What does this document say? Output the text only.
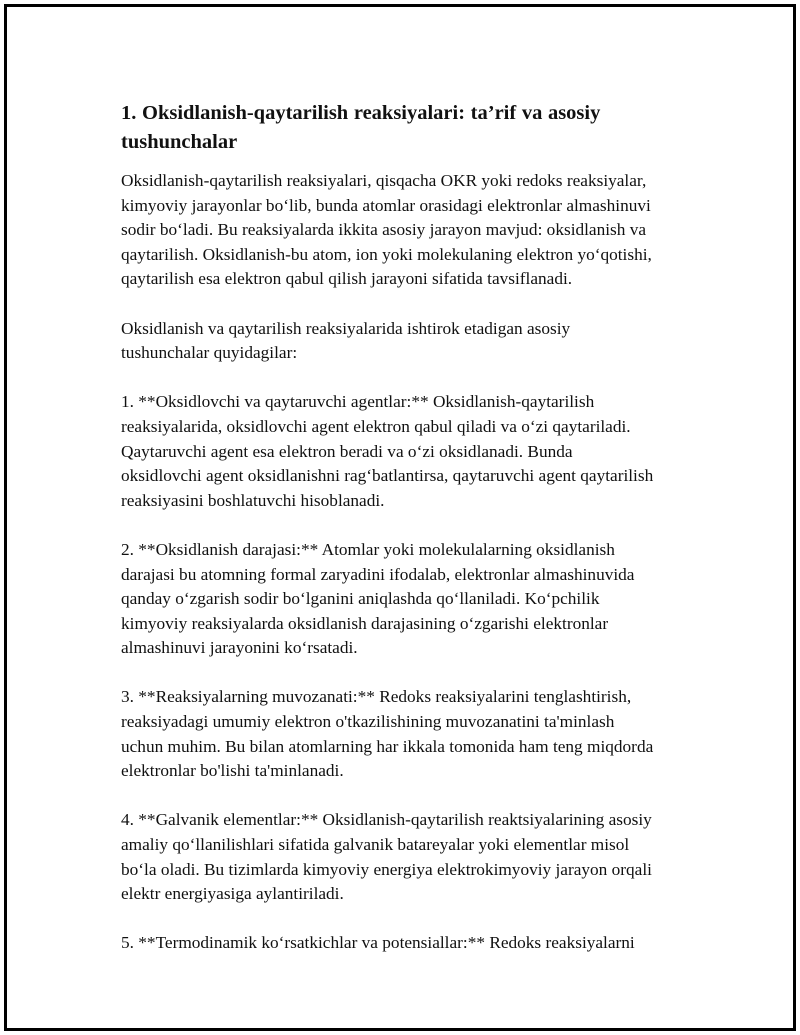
1. Oksidlanish-qaytarilish reaksiyalari: ta’rif va asosiy
tushunchalar

Oksidlanish-qaytarilish reaksiyalari, qisqacha OKR yoki redoks reaksiyalar,
kimyoviy jarayonlar bo‘lib, bunda atomlar orasidagi elektronlar almashinuvi
sodir bo‘ladi. Bu reaksiyalarda ikkita asosiy jarayon mavjud: oksidlanish va
qaytarilish. Oksidlanish-bu atom, ion yoki molekulaning elektron yo‘qotishi,
qaytarilish esa elektron qabul qilish jarayoni sifatida tavsiflanadi.

Oksidlanish va qaytarilish reaksiyalarida ishtirok etadigan asosiy
tushunchalar quyidagilar:

1. **Oksidlovchi va qaytaruvchi agentlar:** Oksidlanish-qaytarilish
reaksiyalarida, oksidlovchi agent elektron qabul qiladi va o‘zi qaytariladi.
Qaytaruvchi agent esa elektron beradi va o‘zi oksidlanadi. Bunda
oksidlovchi agent oksidlanishni rag‘batlantirsa, qaytaruvchi agent qaytarilish
reaksiyasini boshlatuvchi hisoblanadi.

2. **Oksidlanish darajasi:** Atomlar yoki molekulalarning oksidlanish
darajasi bu atomning formal zaryadini ifodalab, elektronlar almashinuvida
qanday o‘zgarish sodir bo‘lganini aniqlashda qo‘llaniladi. Ko‘pchilik
kimyoviy reaksiyalarda oksidlanish darajasining o‘zgarishi elektronlar
almashinuvi jarayonini ko‘rsatadi.

3. **Reaksiyalarning muvozanati:** Redoks reaksiyalarini tenglashtirish,
reaksiyadagi umumiy elektron o'tkazilishining muvozanatini ta'minlash
uchun muhim. Bu bilan atomlarning har ikkala tomonida ham teng miqdorda
elektronlar bo'lishi ta'minlanadi.

4. **Galvanik elementlar:** Oksidlanish-qaytarilish reaktsiyalarining asosiy
amaliy qo‘llanilishlari sifatida galvanik batareyalar yoki elementlar misol
bo‘la oladi. Bu tizimlarda kimyoviy energiya elektrokimyoviy jarayon orqali
elektr energiyasiga aylantiriladi.

5. **Termodinamik ko‘rsatkichlar va potensiallar:** Redoks reaksiyalarni
